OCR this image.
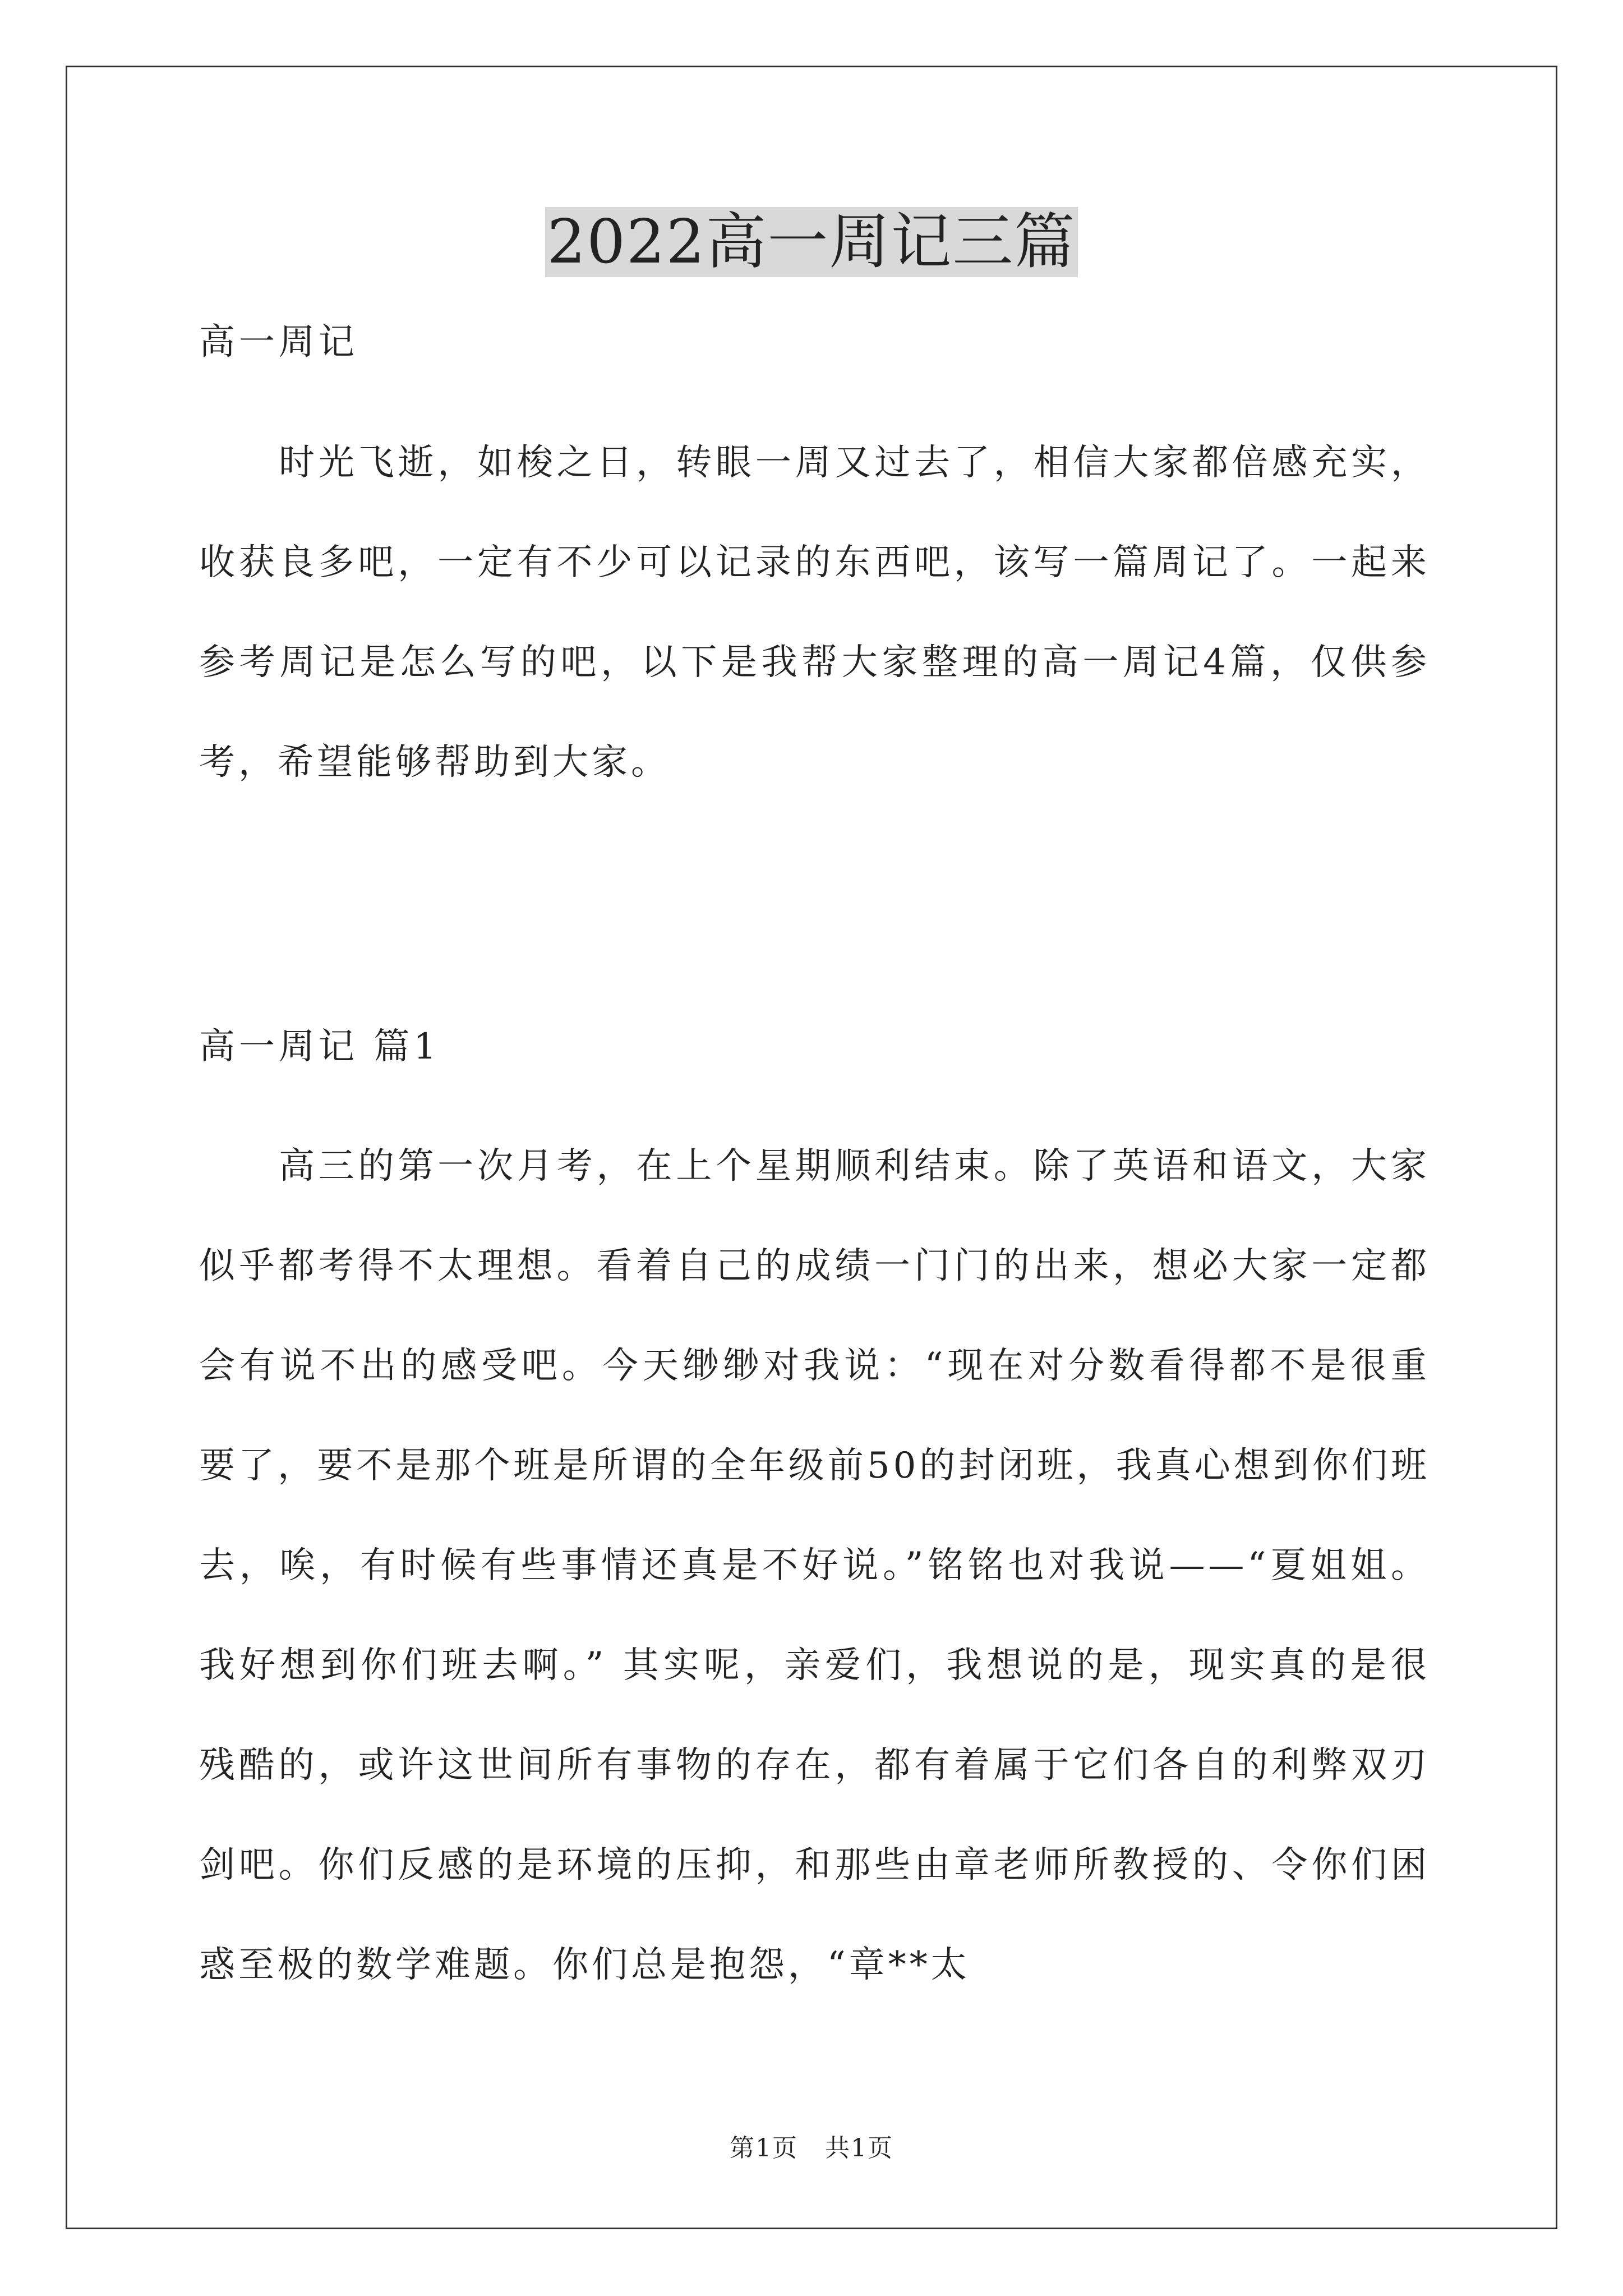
2022高一周记三篇
高一周记

时光飞逝，如梭之日，转眼一周又过去了，相信大家都倍感充实，收获良多吧，一定有不少可以记录的东西吧，该写一篇周记了。一起来参考周记是怎么写的吧，以下是我帮大家整理的高一周记4篇，仅供参考，希望能够帮助到大家。

高一周记 篇1

高三的第一次月考，在上个星期顺利结束。除了英语和语文，大家似乎都考得不太理想。看着自己的成绩一门门的出来，想必大家一定都会有说不出的感受吧。今天缈缈对我说：“现在对分数看得都不是很重要了，要不是那个班是所谓的全年级前50的封闭班，我真心想到你们班去，唉，有时候有些事情还真是不好说。”铭铭也对我说——“夏姐姐。我好想到你们班去啊。” 其实呢，亲爱们，我想说的是，现实真的是很残酷的，或许这世间所有事物的存在，都有着属于它们各自的利弊双刃剑吧。你们反感的是环境的压抑，和那些由章老师所教授的、令你们困惑至极的数学难题。你们总是抱怨，“章**太

第1页   共1页
